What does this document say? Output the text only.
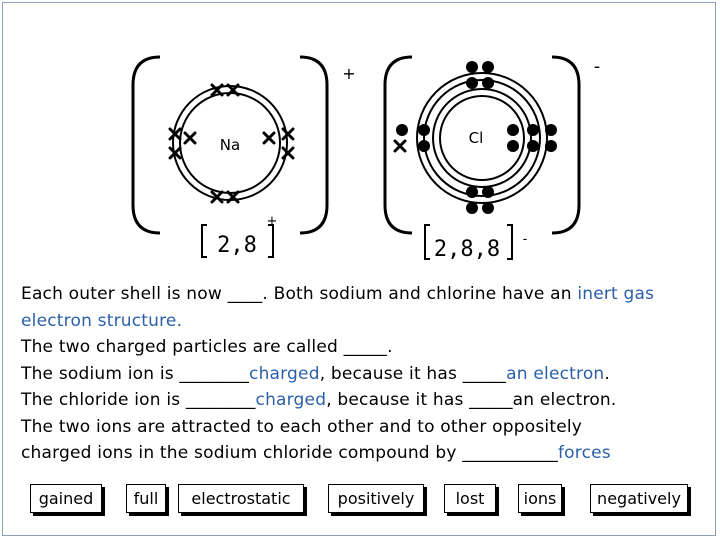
+
Na
-
Cl
2,8
+
2,8,8 -
Each outer shell is now ____. Both sodium and chlorine have an inert gas
electron structure.
The two charged particles are called _____.
The sodium ion is ________charged, because it has _____an electron.
The chloride ion is ________charged, because it has _____an electron.
The two ions are attracted to each other and to other oppositely
charged ions in the sodium chloride compound by ___________forces
gained	full	electrostatic	positively	lost	ions	negatively
